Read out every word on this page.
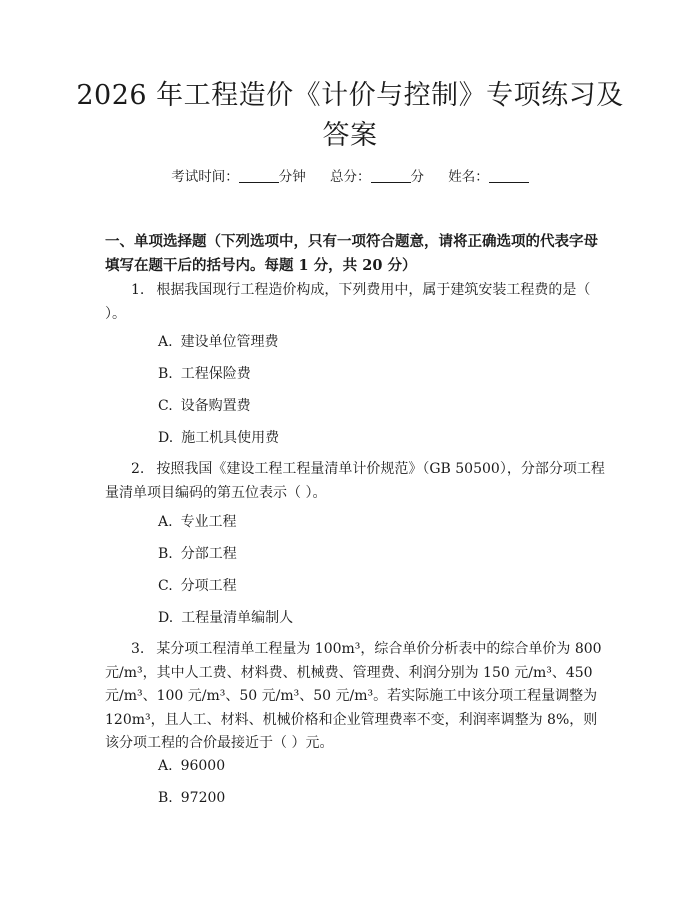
2026 年工程造价《计价与控制》专项练习及
答案
考试时间：	分钟 总分：	分 姓名：
一、单项选择题（下列选项中，只有一项符合题意，请将正确选项的代表字母填写在题干后的括号内。每题 1 分，共 20 分）
1. 根据我国现行工程造价构成，下列费用中，属于建筑安装工程费的是（ ）。
A. 建设单位管理费
B. 工程保险费
C. 设备购置费
D. 施工机具使用费
2. 按照我国《建设工程工程量清单计价规范》（GB 50500），分部分项工程量清单项目编码的第五位表示（ ）。
A. 专业工程
B. 分部工程
C. 分项工程
D. 工程量清单编制人
3. 某分项工程清单工程量为 100m³，综合单价分析表中的综合单价为 800 元/m³，其中人工费、材料费、机械费、管理费、利润分别为 150 元/m³、450 元/m³、100 元/m³、50 元/m³、50 元/m³。若实际施工中该分项工程量调整为 120m³，且人工、材料、机械价格和企业管理费率不变，利润率调整为 8%，则该分项工程的合价最接近于（ ）元。
A. 96000
B. 97200
